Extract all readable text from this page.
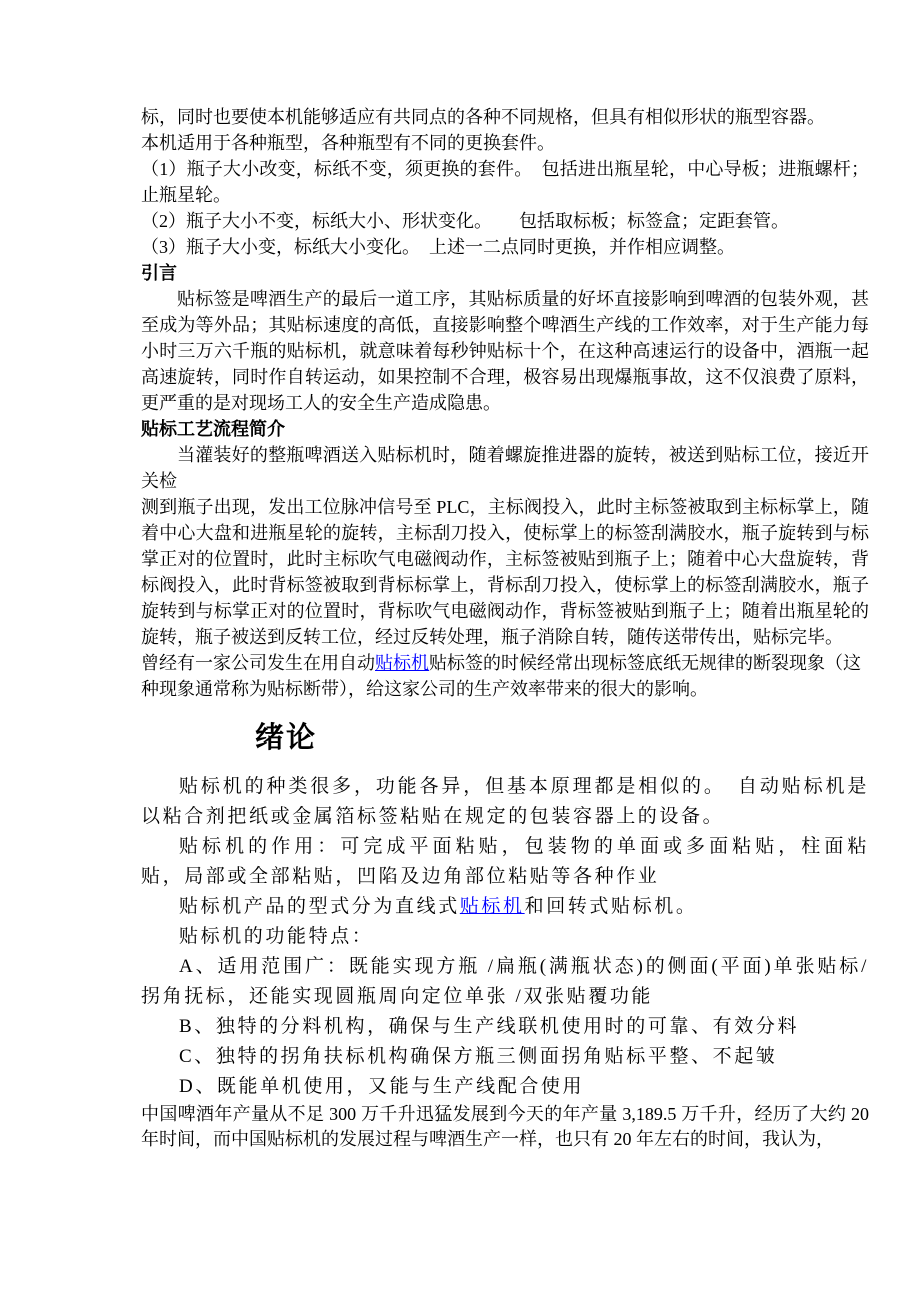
标，同时也要使本机能够适应有共同点的各种不同规格，但具有相似形状的瓶型容器。

本机适用于各种瓶型，各种瓶型有不同的更换套件。

（1）瓶子大小改变，标纸不变，须更换的套件。　包括进出瓶星轮，中心导板；进瓶螺杆；止瓶星轮。

（2）瓶子大小不变，标纸大小、形状变化。　　包括取标板；标签盒；定距套管。

（3）瓶子大小变，标纸大小变化。　上述一二点同时更换，并作相应调整。

引言

贴标签是啤酒生产的最后一道工序，其贴标质量的好坏直接影响到啤酒的包装外观，甚至成为等外品；其贴标速度的高低，直接影响整个啤酒生产线的工作效率，对于生产能力每小时三万六千瓶的贴标机，就意味着每秒钟贴标十个，在这种高速运行的设备中，酒瓶一起高速旋转，同时作自转运动，如果控制不合理，极容易出现爆瓶事故，这不仅浪费了原料，更严重的是对现场工人的安全生产造成隐患。

贴标工艺流程简介

当灌装好的整瓶啤酒送入贴标机时，随着螺旋推进器的旋转，被送到贴标工位，接近开关检

测到瓶子出现，发出工位脉冲信号至 PLC，主标阀投入，此时主标签被取到主标标掌上，随着中心大盘和进瓶星轮的旋转，主标刮刀投入，使标掌上的标签刮满胶水，瓶子旋转到与标掌正对的位置时，此时主标吹气电磁阀动作，主标签被贴到瓶子上；随着中心大盘旋转，背标阀投入，此时背标签被取到背标标掌上，背标刮刀投入，使标掌上的标签刮满胶水，瓶子旋转到与标掌正对的位置时，背标吹气电磁阀动作，背标签被贴到瓶子上；随着出瓶星轮的旋转，瓶子被送到反转工位，经过反转处理，瓶子消除自转，随传送带传出，贴标完毕。

曾经有一家公司发生在用自动贴标机贴标签的时候经常出现标签底纸无规律的断裂现象（这种现象通常称为贴标断带），给这家公司的生产效率带来的很大的影响。

绪论

贴标机的种类很多，功能各异，但基本原理都是相似的。　自动贴标机是以粘合剂把纸或金属箔标签粘贴在规定的包装容器上的设备。

贴标机的作用：可完成平面粘贴，包装物的单面或多面粘贴，柱面粘贴，局部或全部粘贴，凹陷及边角部位粘贴等各种作业

贴标机产品的型式分为直线式贴标机和回转式贴标机。

贴标机的功能特点：

A、适用范围广：既能实现方瓶 /扁瓶(满瓶状态)的侧面(平面)单张贴标/拐角抚标，还能实现圆瓶周向定位单张 /双张贴覆功能

B、独特的分料机构，确保与生产线联机使用时的可靠、有效分料

C、独特的拐角扶标机构确保方瓶三侧面拐角贴标平整、不起皱

D、既能单机使用，又能与生产线配合使用

中国啤酒年产量从不足 300 万千升迅猛发展到今天的年产量 3,189.5 万千升，经历了大约 20 年时间，而中国贴标机的发展过程与啤酒生产一样，也只有 20 年左右的时间，我认为，
